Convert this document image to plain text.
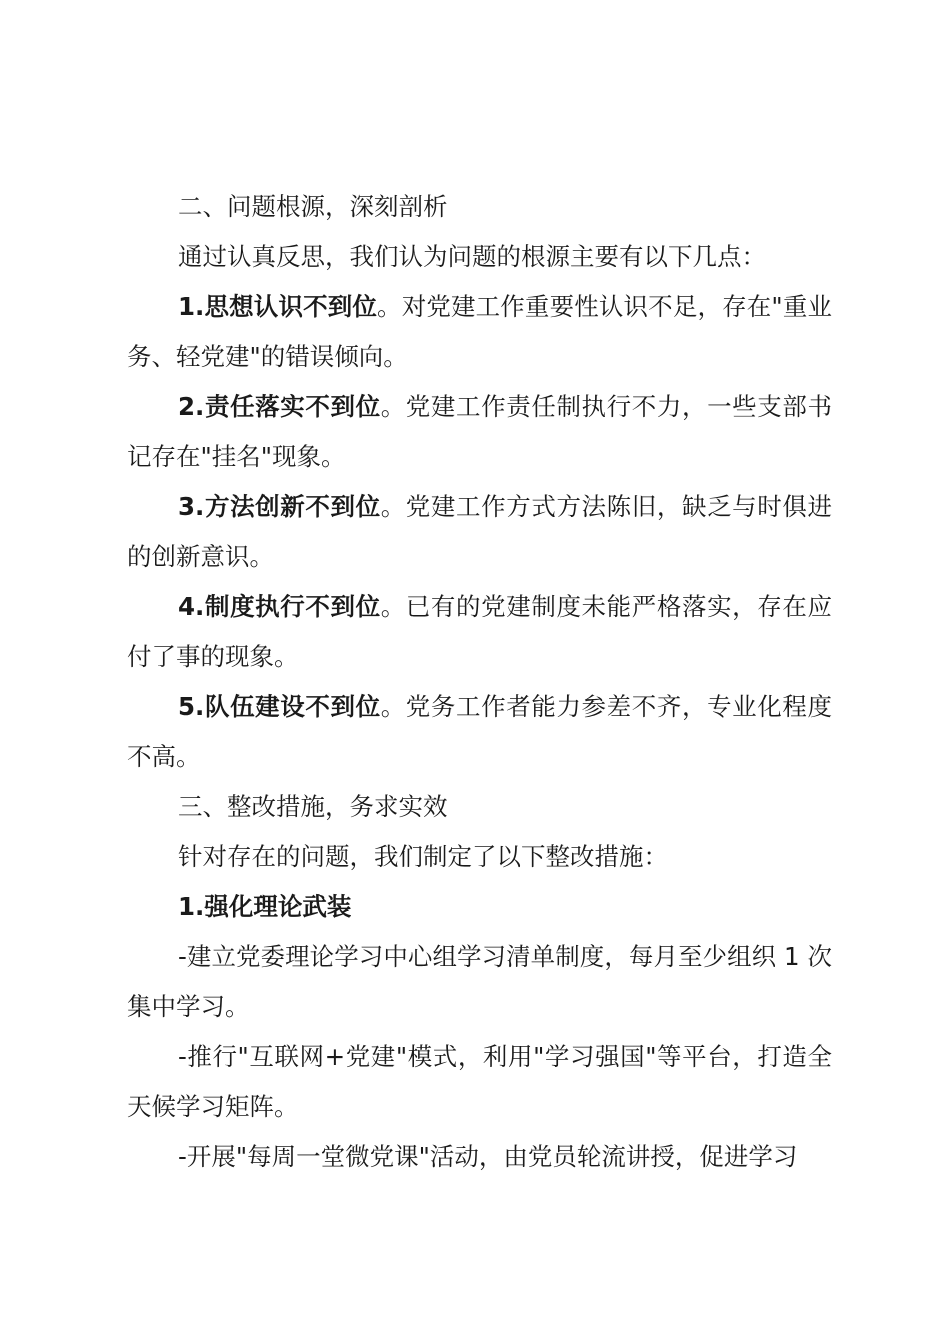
二、问题根源，深刻剖析

通过认真反思，我们认为问题的根源主要有以下几点：

1.思想认识不到位。对党建工作重要性认识不足，存在"重业务、轻党建"的错误倾向。

2.责任落实不到位。党建工作责任制执行不力，一些支部书记存在"挂名"现象。

3.方法创新不到位。党建工作方式方法陈旧，缺乏与时俱进的创新意识。

4.制度执行不到位。已有的党建制度未能严格落实，存在应付了事的现象。

5.队伍建设不到位。党务工作者能力参差不齐，专业化程度不高。

三、整改措施，务求实效

针对存在的问题，我们制定了以下整改措施：

1.强化理论武装

-建立党委理论学习中心组学习清单制度，每月至少组织 1 次集中学习。

-推行"互联网+党建"模式，利用"学习强国"等平台，打造全天候学习矩阵。

-开展"每周一堂微党课"活动，由党员轮流讲授，促进学习
